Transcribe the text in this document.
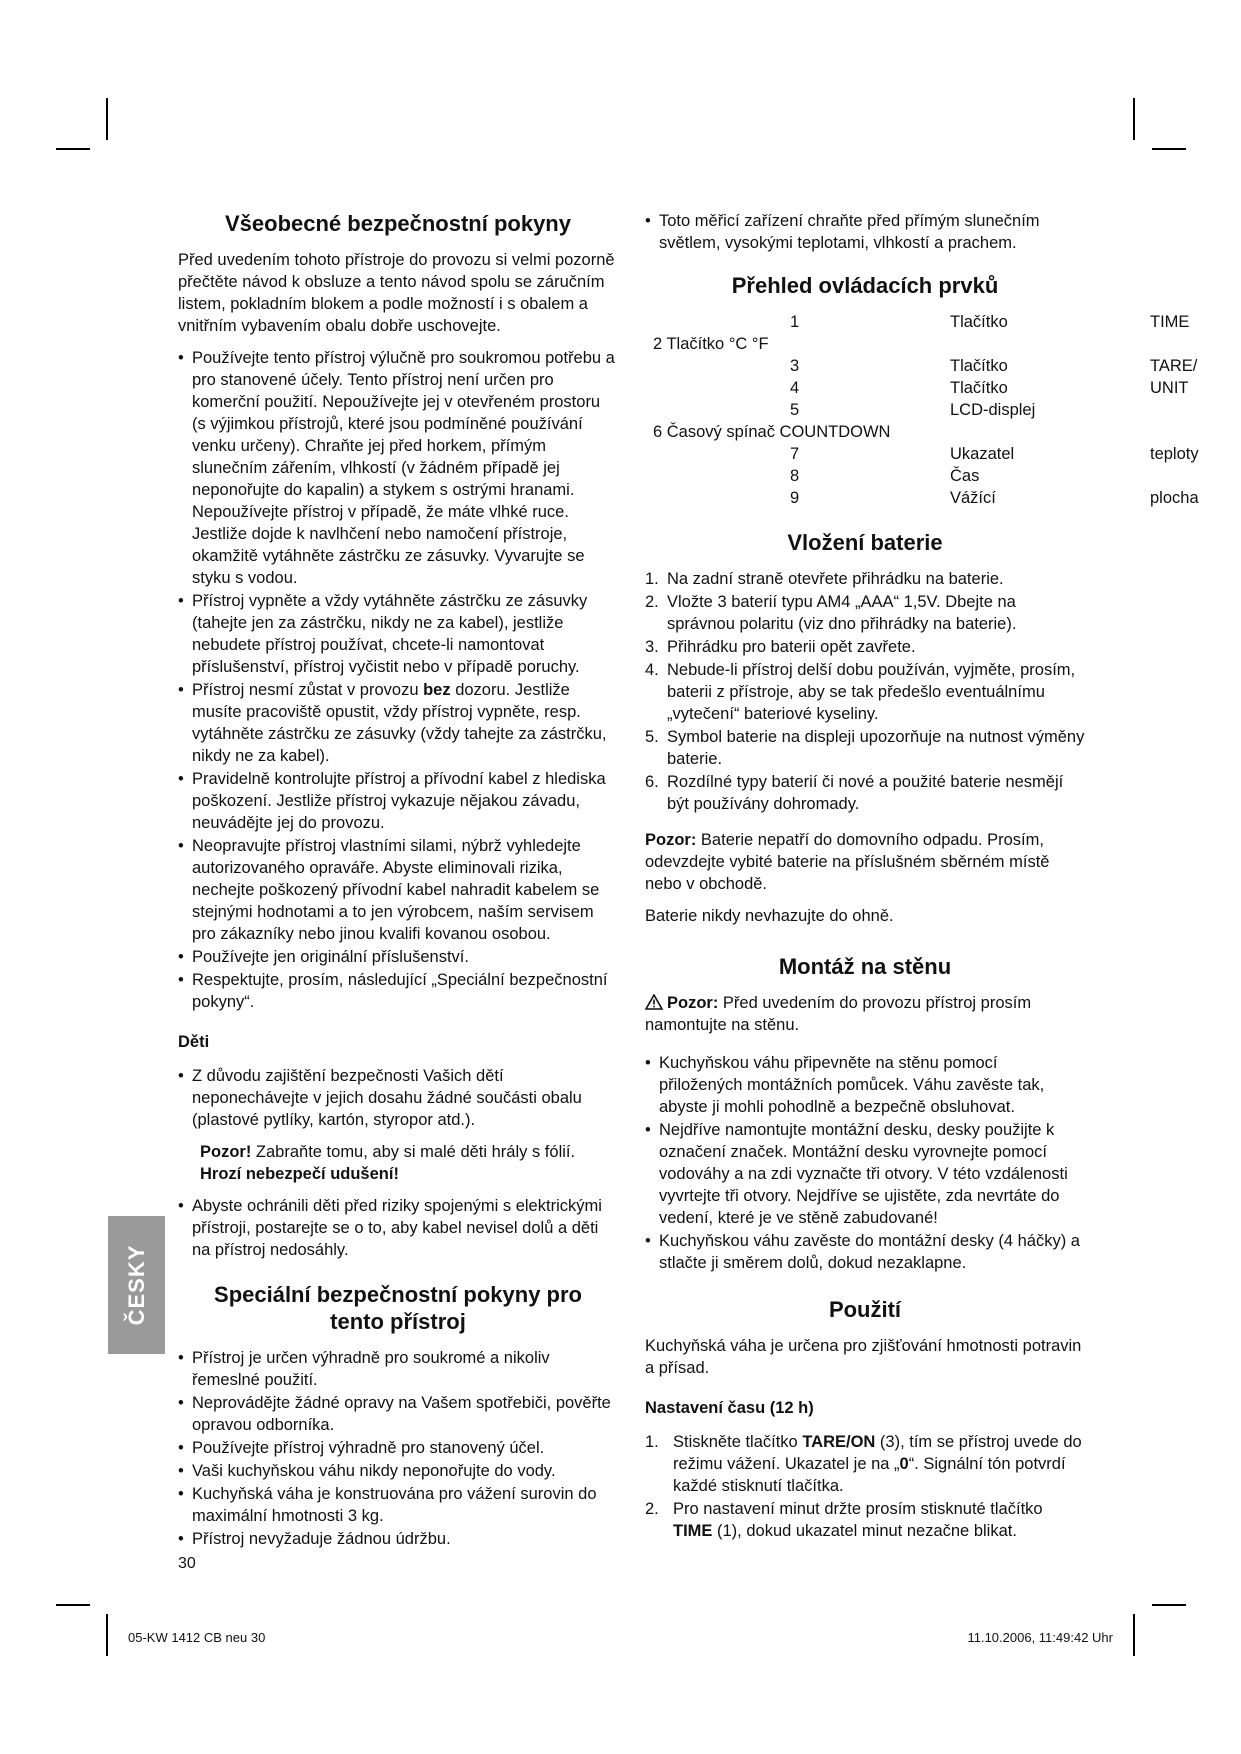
Všeobecné bezpečnostní pokyny

Před uvedením tohoto přístroje do provozu si velmi pozorně přečtěte návod k obsluze a tento návod spolu se záručním listem, pokladním blokem a podle možností i s obalem a vnitřním vybavením obalu dobře uschovejte.

• Používejte tento přístroj výlučně pro soukromou potřebu a pro stanovené účely. Tento přístroj není určen pro komerční použití. Nepoužívejte jej v otevřeném prostoru (s výjimkou přístrojů, které jsou podmíněné používání venku určeny). Chraňte jej před horkem, přímým slunečním zářením, vlhkostí (v žádném případě jej neponořujte do kapalin) a stykem s ostrými hranami. Nepoužívejte přístroj v případě, že máte vlhké ruce. Jestliže dojde k navlhčení nebo namočení přístroje, okamžitě vytáhněte zástrčku ze zásuvky. Vyvarujte se styku s vodou.
• Přístroj vypněte a vždy vytáhněte zástrčku ze zásuvky (tahejte jen za zástrčku, nikdy ne za kabel), jestliže nebudete přístroj používat, chcete-li namontovat příslušenství, přístroj vyčistit nebo v případě poruchy.
• Přístroj nesmí zůstat v provozu bez dozoru. Jestliže musíte pracoviště opustit, vždy přístroj vypněte, resp. vytáhněte zástrčku ze zásuvky (vždy tahejte za zástrčku, nikdy ne za kabel).
• Pravidelně kontrolujte přístroj a přívodní kabel z hlediska poškození. Jestliže přístroj vykazuje nějakou závadu, neuvádějte jej do provozu.
• Neopravujte přístroj vlastními silami, nýbrž vyhledejte autorizovaného opraváře. Abyste eliminovali rizika, nechejte poškozený přívodní kabel nahradit kabelem se stejnými hodnotami a to jen výrobcem, naším servisem pro zákazníky nebo jinou kvalifi kovanou osobou.
• Používejte jen originální příslušenství.
• Respektujte, prosím, následující „Speciální bezpečnostní pokyny“.
Děti
• Z důvodu zajištění bezpečnosti Vašich dětí neponechávejte v jejich dosahu žádné součásti obalu (plastové pytlíky, kartón, styropor atd.).

Pozor! Zabraňte tomu, aby si malé děti hrály s fólií. Hrozí nebezpečí udušení!

• Abyste ochránili děti před riziky spojenými s elektrickými přístroji, postarejte se o to, aby kabel nevisel dolů a děti na přístroj nedosáhly.
Speciální bezpečnostní pokyny pro tento přístroj
• Přístroj je určen výhradně pro soukromé a nikoliv řemeslné použití.
• Neprovádějte žádné opravy na Vašem spotřebiči, pověřte opravou odborníka.
• Používejte přístroj výhradně pro stanovený účel.
• Vaši kuchyňskou váhu nikdy neponořujte do vody.
• Kuchyňská váha je konstruována pro vážení surovin do maximální hmotnosti 3 kg.
• Přístroj nevyžaduje žádnou údržbu.
• Toto měřicí zařízení chraňte před přímým slunečním světlem, vysokými teplotami, vlhkostí a prachem.
Přehled ovládacích prvků
1	Tlačítko	TIME
2 Tlačítko °C °F
3	Tlačítko	TARE/
4	Tlačítko	UNIT
5	LCD-displej
6 Časový spínač COUNTDOWN
7	Ukazatel	teploty
8	Čas
9	Vážící	plocha
Vložení baterie
1. Na zadní straně otevřete přihrádku na baterie.
2. Vložte 3 baterií typu AM4 „AAA“ 1,5V. Dbejte na správnou polaritu (viz dno přihrádky na baterie).
3. Přihrádku pro baterii opět zavřete.
4. Nebude-li přístroj delší dobu používán, vyjměte, prosím, baterii z přístroje, aby se tak předešlo eventuálnímu „vytečení“ bateriové kyseliny.
5. Symbol baterie na displeji upozorňuje na nutnost výměny baterie.
6. Rozdílné typy baterií či nové a použité baterie nesmějí být používány dohromady.

Pozor: Baterie nepatří do domovního odpadu. Prosím, odevzdejte vybité baterie na příslušném sběrném místě nebo v obchodě.

Baterie nikdy nevhazujte do ohně.

Montáž na stěnu

Pozor: Před uvedením do provozu přístroj prosím namontujte na stěnu.

• Kuchyňskou váhu připevněte na stěnu pomocí přiložených montážních pomůcek. Váhu zavěste tak, abyste ji mohli pohodlně a bezpečně obsluhovat.
• Nejdříve namontujte montážní desku, desky použijte k označení značek. Montážní desku vyrovnejte pomocí vodováhy a na zdi vyznačte tři otvory. V této vzdálenosti vyvrtejte tři otvory. Nejdříve se ujistěte, zda nevrtáte do vedení, které je ve stěně zabudované!
• Kuchyňskou váhu zavěste do montážní desky (4 háčky) a stlačte ji směrem dolů, dokud nezaklapne.
Použití

Kuchyňská váha je určena pro zjišťování hmotnosti potravin a přísad.

Nastavení času (12 h)
1. Stiskněte tlačítko TARE/ON (3), tím se přístroj uvede do režimu vážení. Ukazatel je na „0“. Signální tón potvrdí každé stisknutí tlačítka.
2. Pro nastavení minut držte prosím stisknuté tlačítko TIME (1), dokud ukazatel minut nezačne blikat.
ČESKY
30
05-KW 1412 CB neu 30	11.10.2006, 11:49:42 Uhr
